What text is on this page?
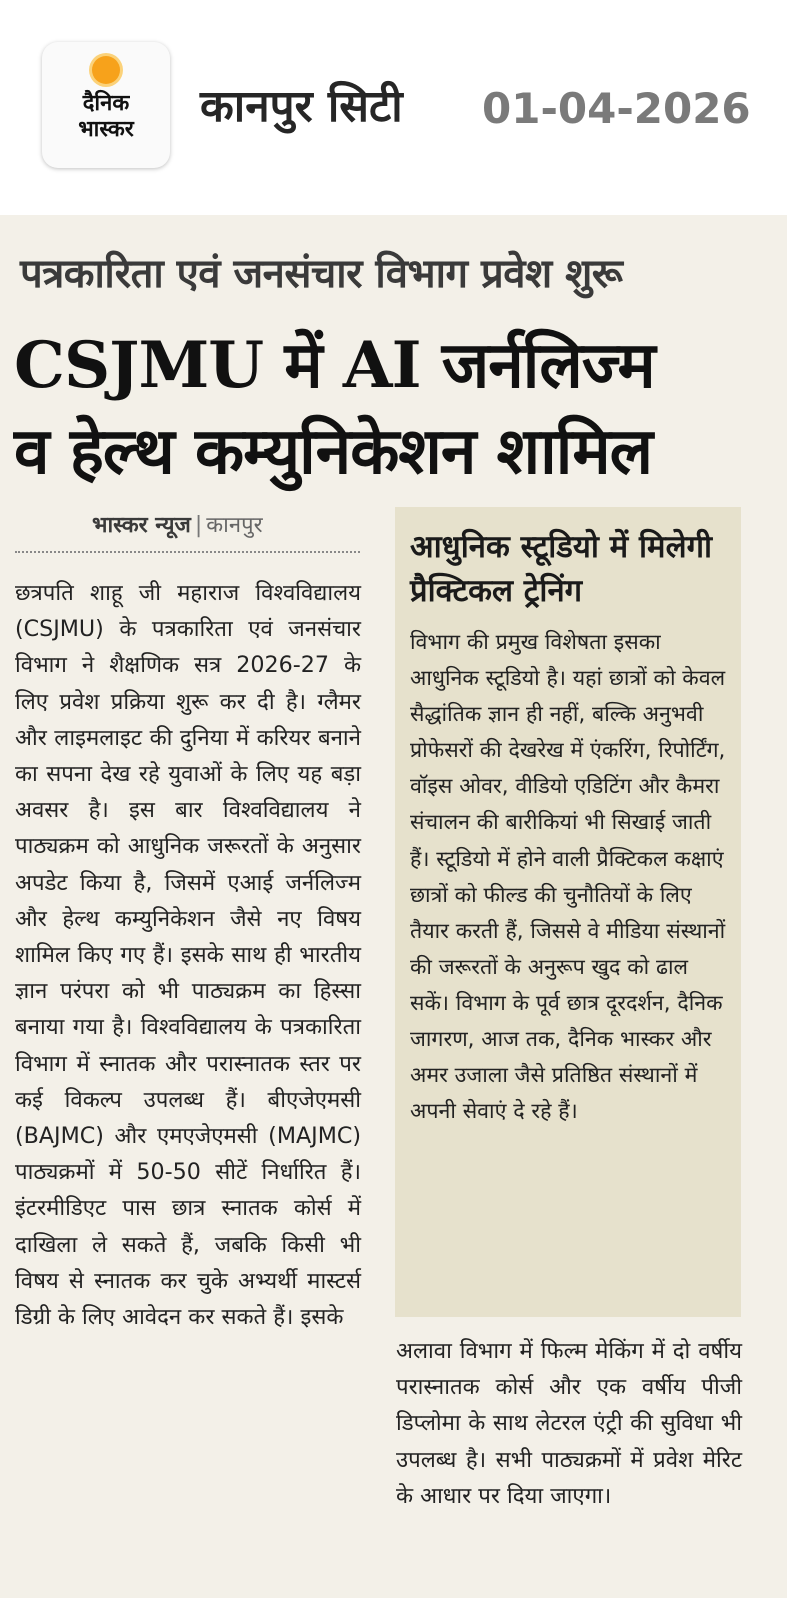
दैनिक
भास्कर	कानपुर सिटी 01-04-2026
पत्रकारिता एवं जनसंचार विभाग प्रवेश शुरू
CSJMU में AI जर्नलिज्म
व हेल्थ कम्युनिकेशन शामिल
भास्कर न्यूज | कानपुर

छत्रपति शाहू जी महाराज विश्वविद्यालय (CSJMU) के पत्रकारिता एवं जनसंचार विभाग ने शैक्षणिक सत्र 2026-27 के लिए प्रवेश प्रक्रिया शुरू कर दी है। ग्लैमर और लाइमलाइट की दुनिया में करियर बनाने का सपना देख रहे युवाओं के लिए यह बड़ा अवसर है। इस बार विश्वविद्यालय ने पाठ्यक्रम को आधुनिक जरूरतों के अनुसार अपडेट किया है, जिसमें एआई जर्नलिज्म और हेल्थ कम्युनिकेशन जैसे नए विषय शामिल किए गए हैं। इसके साथ ही भारतीय ज्ञान परंपरा को भी पाठ्यक्रम का हिस्सा बनाया गया है। विश्वविद्यालय के पत्रकारिता विभाग में स्नातक और परास्नातक स्तर पर कई विकल्प उपलब्ध हैं। बीएजेएमसी (BAJMC) और एमएजेएमसी (MAJMC) पाठ्यक्रमों में 50-50 सीटें निर्धारित हैं। इंटरमीडिएट पास छात्र स्नातक कोर्स में दाखिला ले सकते हैं, जबकि किसी भी विषय से स्नातक कर चुके अभ्यर्थी मास्टर्स डिग्री के लिए आवेदन कर सकते हैं। इसके

आधुनिक स्टूडियो में मिलेगी प्रैक्टिकल ट्रेनिंग
विभाग की प्रमुख विशेषता इसका आधुनिक स्टूडियो है। यहां छात्रों को केवल सैद्धांतिक ज्ञान ही नहीं, बल्कि अनुभवी प्रोफेसरों की देखरेख में एंकरिंग, रिपोर्टिंग, वॉइस ओवर, वीडियो एडिटिंग और कैमरा संचालन की बारीकियां भी सिखाई जाती हैं। स्टूडियो में होने वाली प्रैक्टिकल कक्षाएं छात्रों को फील्ड की चुनौतियों के लिए तैयार करती हैं, जिससे वे मीडिया संस्थानों की जरूरतों के अनुरूप खुद को ढाल सकें। विभाग के पूर्व छात्र दूरदर्शन, दैनिक जागरण, आज तक, दैनिक भास्कर और अमर उजाला जैसे प्रतिष्ठित संस्थानों में अपनी सेवाएं दे रहे हैं।
अलावा विभाग में फिल्म मेकिंग में दो वर्षीय परास्नातक कोर्स और एक वर्षीय पीजी डिप्लोमा के साथ लेटरल एंट्री की सुविधा भी उपलब्ध है। सभी पाठ्यक्रमों में प्रवेश मेरिट के आधार पर दिया जाएगा।
